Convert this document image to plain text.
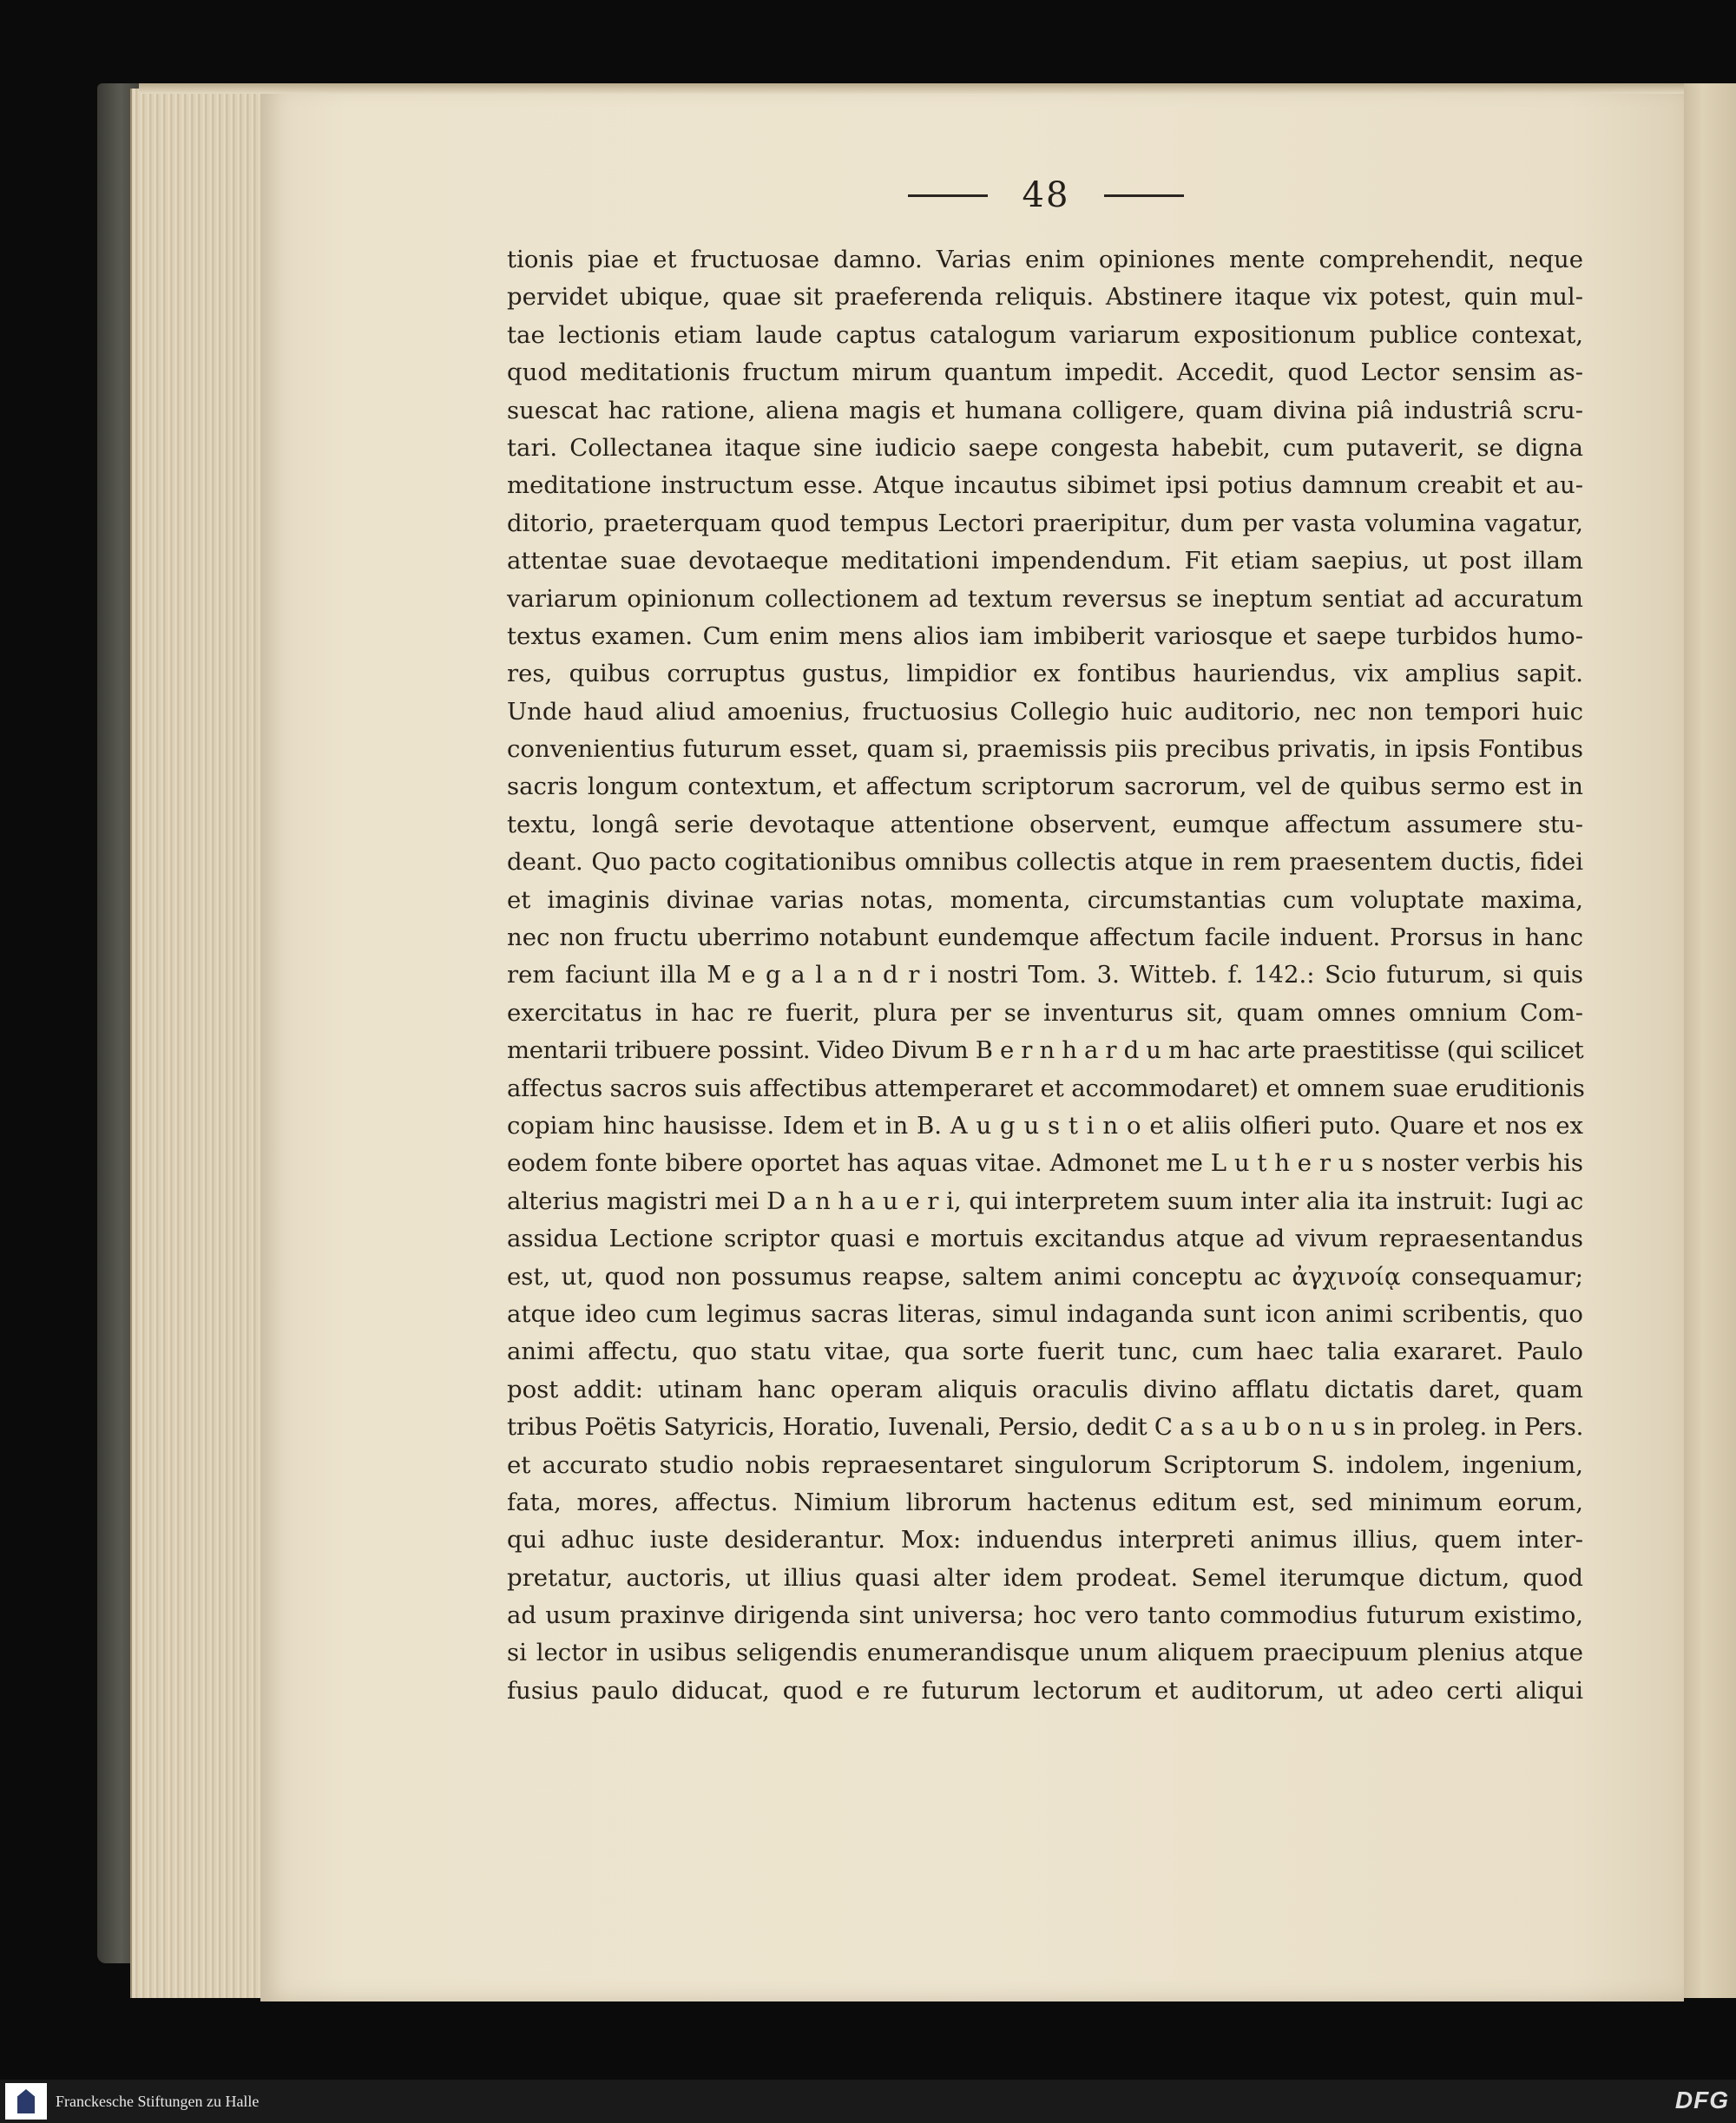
48
tionis piae et fructuosae damno. Varias enim opiniones mente comprehendit, neque
pervidet ubique, quae sit praeferenda reliquis. Abstinere itaque vix potest, quin mul-
tae lectionis etiam laude captus catalogum variarum expositionum publice contexat,
quod meditationis fructum mirum quantum impedit. Accedit, quod Lector sensim as-
suescat hac ratione, aliena magis et humana colligere, quam divina piâ industriâ scru-
tari. Collectanea itaque sine iudicio saepe congesta habebit, cum putaverit, se digna
meditatione instructum esse. Atque incautus sibimet ipsi potius damnum creabit et au-
ditorio, praeterquam quod tempus Lectori praeripitur, dum per vasta volumina vagatur,
attentae suae devotaeque meditationi impendendum. Fit etiam saepius, ut post illam
variarum opinionum collectionem ad textum reversus se ineptum sentiat ad accuratum
textus examen. Cum enim mens alios iam imbiberit variosque et saepe turbidos humo-
res, quibus corruptus gustus, limpidior ex fontibus hauriendus, vix amplius sapit.
Unde haud aliud amoenius, fructuosius Collegio huic auditorio, nec non tempori huic
convenientius futurum esset, quam si, praemissis piis precibus privatis, in ipsis Fontibus
sacris longum contextum, et affectum scriptorum sacrorum, vel de quibus sermo est in
textu, longâ serie devotaque attentione observent, eumque affectum assumere stu-
deant. Quo pacto cogitationibus omnibus collectis atque in rem praesentem ductis, fidei
et imaginis divinae varias notas, momenta, circumstantias cum voluptate maxima,
nec non fructu uberrimo notabunt eundemque affectum facile induent. Prorsus in hanc
rem faciunt illa M e g a l a n d r i nostri Tom. 3. Witteb. f. 142.: Scio futurum, si quis
exercitatus in hac re fuerit, plura per se inventurus sit, quam omnes omnium Com-
mentarii tribuere possint. Video Divum B e r n h a r d u m hac arte praestitisse (qui scilicet
affectus sacros suis affectibus attemperaret et accommodaret) et omnem suae eruditionis
copiam hinc hausisse. Idem et in B. A u g u s t i n o et aliis olfieri puto. Quare et nos ex
eodem fonte bibere oportet has aquas vitae. Admonet me L u t h e r u s noster verbis his
alterius magistri mei D a n h a u e r i, qui interpretem suum inter alia ita instruit: Iugi ac
assidua Lectione scriptor quasi e mortuis excitandus atque ad vivum repraesentandus
est, ut, quod non possumus reapse, saltem animi conceptu ac ἀγχινοίᾳ consequamur;
atque ideo cum legimus sacras literas, simul indaganda sunt icon animi scribentis, quo
animi affectu, quo statu vitae, qua sorte fuerit tunc, cum haec talia exararet. Paulo
post addit: utinam hanc operam aliquis oraculis divino afflatu dictatis daret, quam
tribus Poëtis Satyricis, Horatio, Iuvenali, Persio, dedit C a s a u b o n u s in proleg. in Pers.
et accurato studio nobis repraesentaret singulorum Scriptorum S. indolem, ingenium,
fata, mores, affectus. Nimium librorum hactenus editum est, sed minimum eorum,
qui adhuc iuste desiderantur. Mox: induendus interpreti animus illius, quem inter-
pretatur, auctoris, ut illius quasi alter idem prodeat. Semel iterumque dictum, quod
ad usum praxinve dirigenda sint universa; hoc vero tanto commodius futurum existimo,
si lector in usibus seligendis enumerandisque unum aliquem praecipuum plenius atque
fusius paulo diducat, quod e re futurum lectorum et auditorum, ut adeo certi aliqui
Franckesche Stiftungen zu Halle	DFG
